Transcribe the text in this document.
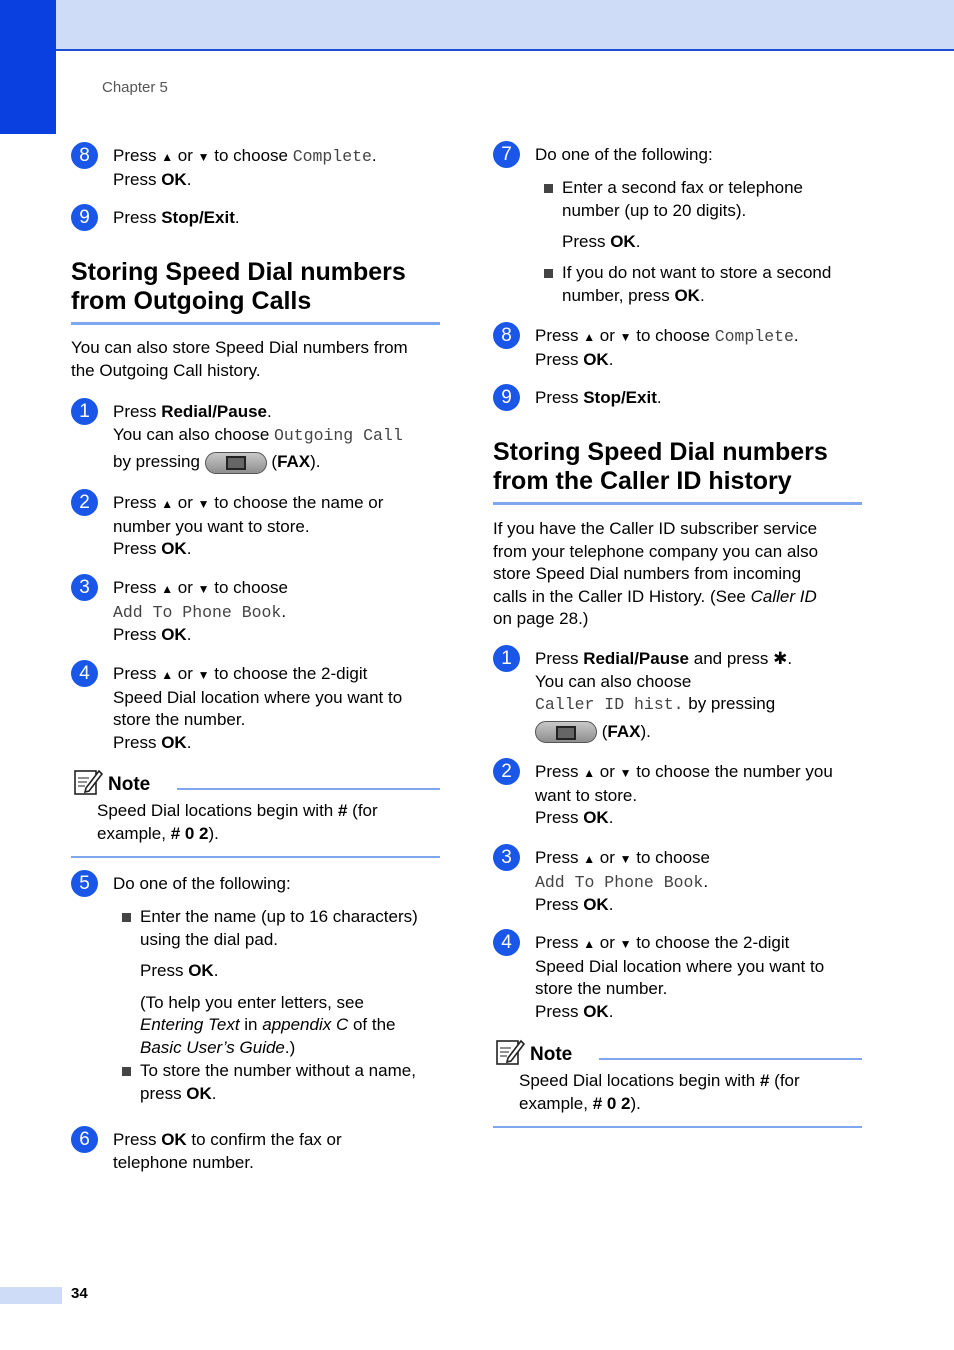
Chapter 5
8	Press ▲ or ▼ to choose Complete.
Press OK.
9	Press Stop/Exit.
Storing Speed Dial numbers
from Outgoing Calls
You can also store Speed Dial numbers from
the Outgoing Call history.
1	Press Redial/Pause.
You can also choose Outgoing Call
by pressing	(FAX).
2	Press ▲ or ▼ to choose the name or
number you want to store.
Press OK.
3	Press ▲ or ▼ to choose
Add To Phone Book.
Press OK.
4	Press ▲ or ▼ to choose the 2-digit
Speed Dial location where you want to
store the number.
Press OK.
Note
Speed Dial locations begin with # (for
example, # 0 2).
5	Do one of the following:
Enter the name (up to 16 characters)
using the dial pad.
Press OK.
(To help you enter letters, see
Entering Text in appendix C of the
Basic User’s Guide.)
To store the number without a name,
press OK.
6	Press OK to confirm the fax or
telephone number.
7	Do one of the following:
Enter a second fax or telephone
number (up to 20 digits).
Press OK.
If you do not want to store a second
number, press OK.
8	Press ▲ or ▼ to choose Complete.
Press OK.
9	Press Stop/Exit.
Storing Speed Dial numbers
from the Caller ID history
If you have the Caller ID subscriber service
from your telephone company you can also
store Speed Dial numbers from incoming
calls in the Caller ID History. (See Caller ID
on page 28.)
1	Press Redial/Pause and press ✱.
You can also choose
Caller ID hist. by pressing
(FAX).
2	Press ▲ or ▼ to choose the number you
want to store.
Press OK.
3	Press ▲ or ▼ to choose
Add To Phone Book.
Press OK.
4	Press ▲ or ▼ to choose the 2-digit
Speed Dial location where you want to
store the number.
Press OK.
Note
Speed Dial locations begin with # (for
example, # 0 2).
34
